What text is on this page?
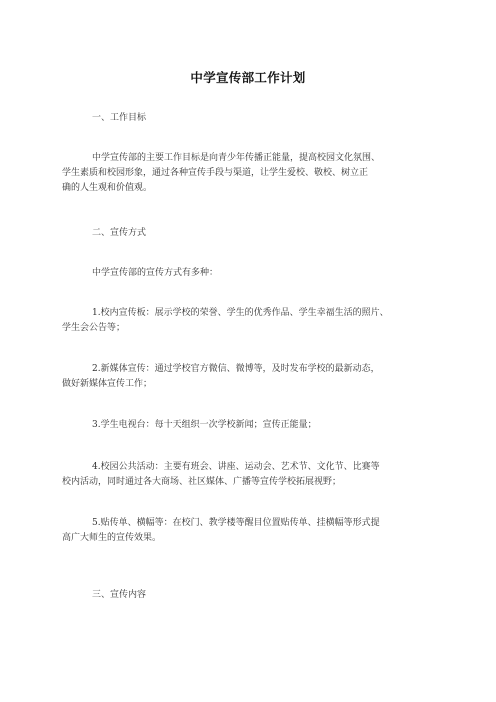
中学宣传部工作计划
一、工作目标
中学宣传部的主要工作目标是向青少年传播正能量，提高校园文化氛围、
学生素质和校园形象，通过各种宣传手段与渠道，让学生爱校、敬校、树立正
确的人生观和价值观。
二、宣传方式
中学宣传部的宣传方式有多种：
1.校内宣传板：展示学校的荣誉、学生的优秀作品、学生幸福生活的照片、
学生会公告等；
2.新媒体宣传：通过学校官方微信、微博等，及时发布学校的最新动态，
做好新媒体宣传工作；
3.学生电视台：每十天组织一次学校新闻；宣传正能量；
4.校园公共活动：主要有班会、讲座、运动会、艺术节、文化节、比赛等
校内活动，同时通过各大商场、社区媒体、广播等宣传学校拓展视野；
5.贴传单、横幅等：在校门、教学楼等醒目位置贴传单、挂横幅等形式提
高广大师生的宣传效果。
三、宣传内容
